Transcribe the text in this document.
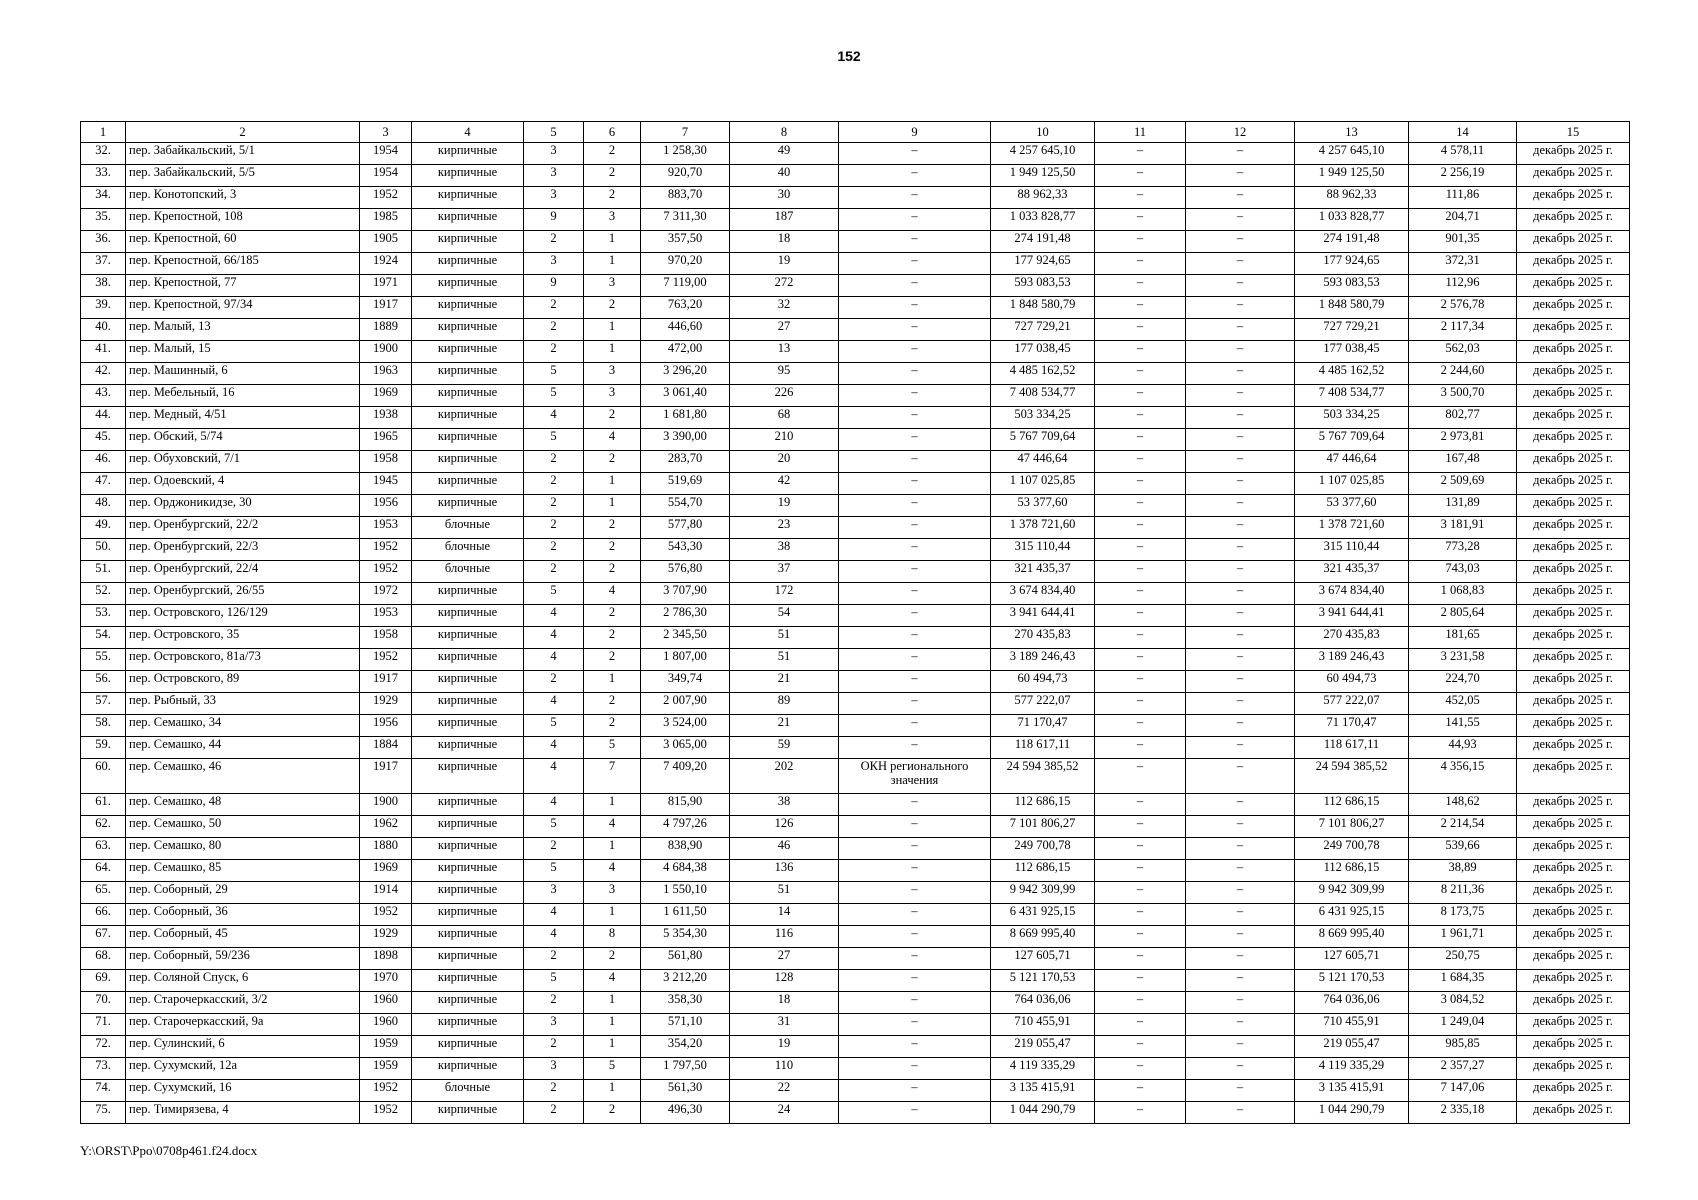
152
1	2	3	4	5	6	7	8	9	10	11	12	13	14	15
32.	пер. Забайкальский, 5/1	1954	кирпичные	3	2	1 258,30	49	–	4 257 645,10	–	–	4 257 645,10	4 578,11	декабрь 2025 г.
33.	пер. Забайкальский, 5/5	1954	кирпичные	3	2	920,70	40	–	1 949 125,50	–	–	1 949 125,50	2 256,19	декабрь 2025 г.
34.	пер. Конотопский, 3	1952	кирпичные	3	2	883,70	30	–	88 962,33	–	–	88 962,33	111,86	декабрь 2025 г.
35.	пер. Крепостной, 108	1985	кирпичные	9	3	7 311,30	187	–	1 033 828,77	–	–	1 033 828,77	204,71	декабрь 2025 г.
36.	пер. Крепостной, 60	1905	кирпичные	2	1	357,50	18	–	274 191,48	–	–	274 191,48	901,35	декабрь 2025 г.
37.	пер. Крепостной, 66/185	1924	кирпичные	3	1	970,20	19	–	177 924,65	–	–	177 924,65	372,31	декабрь 2025 г.
38.	пер. Крепостной, 77	1971	кирпичные	9	3	7 119,00	272	–	593 083,53	–	–	593 083,53	112,96	декабрь 2025 г.
39.	пер. Крепостной, 97/34	1917	кирпичные	2	2	763,20	32	–	1 848 580,79	–	–	1 848 580,79	2 576,78	декабрь 2025 г.
40.	пер. Малый, 13	1889	кирпичные	2	1	446,60	27	–	727 729,21	–	–	727 729,21	2 117,34	декабрь 2025 г.
41.	пер. Малый, 15	1900	кирпичные	2	1	472,00	13	–	177 038,45	–	–	177 038,45	562,03	декабрь 2025 г.
42.	пер. Машинный, 6	1963	кирпичные	5	3	3 296,20	95	–	4 485 162,52	–	–	4 485 162,52	2 244,60	декабрь 2025 г.
43.	пер. Мебельный, 16	1969	кирпичные	5	3	3 061,40	226	–	7 408 534,77	–	–	7 408 534,77	3 500,70	декабрь 2025 г.
44.	пер. Медный, 4/51	1938	кирпичные	4	2	1 681,80	68	–	503 334,25	–	–	503 334,25	802,77	декабрь 2025 г.
45.	пер. Обский, 5/74	1965	кирпичные	5	4	3 390,00	210	–	5 767 709,64	–	–	5 767 709,64	2 973,81	декабрь 2025 г.
46.	пер. Обуховский, 7/1	1958	кирпичные	2	2	283,70	20	–	47 446,64	–	–	47 446,64	167,48	декабрь 2025 г.
47.	пер. Одоевский, 4	1945	кирпичные	2	1	519,69	42	–	1 107 025,85	–	–	1 107 025,85	2 509,69	декабрь 2025 г.
48.	пер. Орджоникидзе, 30	1956	кирпичные	2	1	554,70	19	–	53 377,60	–	–	53 377,60	131,89	декабрь 2025 г.
49.	пер. Оренбургский, 22/2	1953	блочные	2	2	577,80	23	–	1 378 721,60	–	–	1 378 721,60	3 181,91	декабрь 2025 г.
50.	пер. Оренбургский, 22/3	1952	блочные	2	2	543,30	38	–	315 110,44	–	–	315 110,44	773,28	декабрь 2025 г.
51.	пер. Оренбургский, 22/4	1952	блочные	2	2	576,80	37	–	321 435,37	–	–	321 435,37	743,03	декабрь 2025 г.
52.	пер. Оренбургский, 26/55	1972	кирпичные	5	4	3 707,90	172	–	3 674 834,40	–	–	3 674 834,40	1 068,83	декабрь 2025 г.
53.	пер. Островского, 126/129	1953	кирпичные	4	2	2 786,30	54	–	3 941 644,41	–	–	3 941 644,41	2 805,64	декабрь 2025 г.
54.	пер. Островского, 35	1958	кирпичные	4	2	2 345,50	51	–	270 435,83	–	–	270 435,83	181,65	декабрь 2025 г.
55.	пер. Островского, 81а/73	1952	кирпичные	4	2	1 807,00	51	–	3 189 246,43	–	–	3 189 246,43	3 231,58	декабрь 2025 г.
56.	пер. Островского, 89	1917	кирпичные	2	1	349,74	21	–	60 494,73	–	–	60 494,73	224,70	декабрь 2025 г.
57.	пер. Рыбный, 33	1929	кирпичные	4	2	2 007,90	89	–	577 222,07	–	–	577 222,07	452,05	декабрь 2025 г.
58.	пер. Семашко, 34	1956	кирпичные	5	2	3 524,00	21	–	71 170,47	–	–	71 170,47	141,55	декабрь 2025 г.
59.	пер. Семашко, 44	1884	кирпичные	4	5	3 065,00	59	–	118 617,11	–	–	118 617,11	44,93	декабрь 2025 г.
60.	пер. Семашко, 46	1917	кирпичные	4	7	7 409,20	202	ОКН регионального значения	24 594 385,52	–	–	24 594 385,52	4 356,15	декабрь 2025 г.
61.	пер. Семашко, 48	1900	кирпичные	4	1	815,90	38	–	112 686,15	–	–	112 686,15	148,62	декабрь 2025 г.
62.	пер. Семашко, 50	1962	кирпичные	5	4	4 797,26	126	–	7 101 806,27	–	–	7 101 806,27	2 214,54	декабрь 2025 г.
63.	пер. Семашко, 80	1880	кирпичные	2	1	838,90	46	–	249 700,78	–	–	249 700,78	539,66	декабрь 2025 г.
64.	пер. Семашко, 85	1969	кирпичные	5	4	4 684,38	136	–	112 686,15	–	–	112 686,15	38,89	декабрь 2025 г.
65.	пер. Соборный, 29	1914	кирпичные	3	3	1 550,10	51	–	9 942 309,99	–	–	9 942 309,99	8 211,36	декабрь 2025 г.
66.	пер. Соборный, 36	1952	кирпичные	4	1	1 611,50	14	–	6 431 925,15	–	–	6 431 925,15	8 173,75	декабрь 2025 г.
67.	пер. Соборный, 45	1929	кирпичные	4	8	5 354,30	116	–	8 669 995,40	–	–	8 669 995,40	1 961,71	декабрь 2025 г.
68.	пер. Соборный, 59/236	1898	кирпичные	2	2	561,80	27	–	127 605,71	–	–	127 605,71	250,75	декабрь 2025 г.
69.	пер. Соляной Спуск, 6	1970	кирпичные	5	4	3 212,20	128	–	5 121 170,53	–	–	5 121 170,53	1 684,35	декабрь 2025 г.
70.	пер. Старочеркасский, 3/2	1960	кирпичные	2	1	358,30	18	–	764 036,06	–	–	764 036,06	3 084,52	декабрь 2025 г.
71.	пер. Старочеркасский, 9а	1960	кирпичные	3	1	571,10	31	–	710 455,91	–	–	710 455,91	1 249,04	декабрь 2025 г.
72.	пер. Сулинский, 6	1959	кирпичные	2	1	354,20	19	–	219 055,47	–	–	219 055,47	985,85	декабрь 2025 г.
73.	пер. Сухумский, 12а	1959	кирпичные	3	5	1 797,50	110	–	4 119 335,29	–	–	4 119 335,29	2 357,27	декабрь 2025 г.
74.	пер. Сухумский, 16	1952	блочные	2	1	561,30	22	–	3 135 415,91	–	–	3 135 415,91	7 147,06	декабрь 2025 г.
75.	пер. Тимирязева, 4	1952	кирпичные	2	2	496,30	24	–	1 044 290,79	–	–	1 044 290,79	2 335,18	декабрь 2025 г.
Y:\ORST\Ppo\0708p461.f24.docx
